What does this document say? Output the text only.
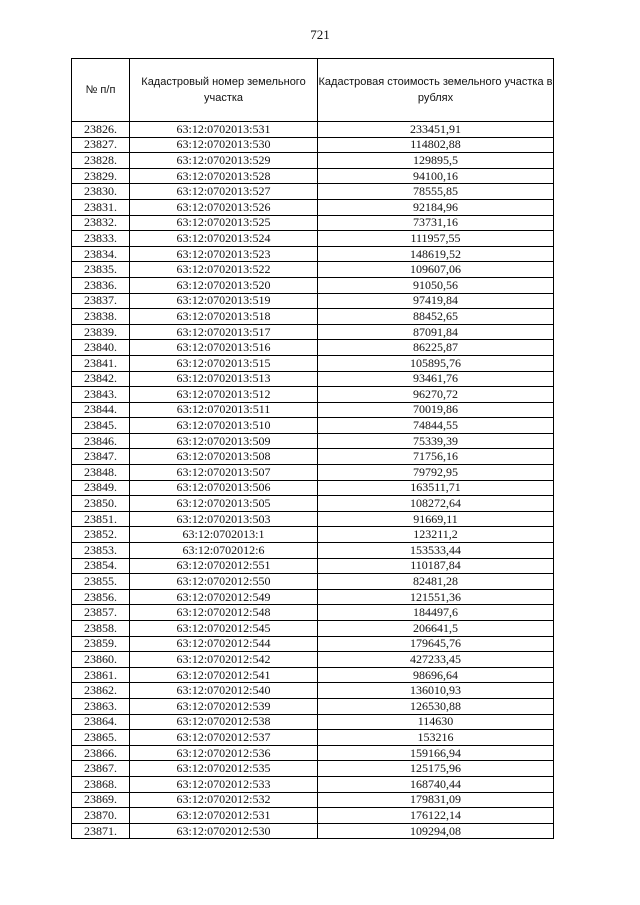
721
№ п/п	Кадастровый номер земельного участка	Кадастровая стоимость земельного участка в рублях
23826.	63:12:0702013:531	233451,91
23827.	63:12:0702013:530	114802,88
23828.	63:12:0702013:529	129895,5
23829.	63:12:0702013:528	94100,16
23830.	63:12:0702013:527	78555,85
23831.	63:12:0702013:526	92184,96
23832.	63:12:0702013:525	73731,16
23833.	63:12:0702013:524	111957,55
23834.	63:12:0702013:523	148619,52
23835.	63:12:0702013:522	109607,06
23836.	63:12:0702013:520	91050,56
23837.	63:12:0702013:519	97419,84
23838.	63:12:0702013:518	88452,65
23839.	63:12:0702013:517	87091,84
23840.	63:12:0702013:516	86225,87
23841.	63:12:0702013:515	105895,76
23842.	63:12:0702013:513	93461,76
23843.	63:12:0702013:512	96270,72
23844.	63:12:0702013:511	70019,86
23845.	63:12:0702013:510	74844,55
23846.	63:12:0702013:509	75339,39
23847.	63:12:0702013:508	71756,16
23848.	63:12:0702013:507	79792,95
23849.	63:12:0702013:506	163511,71
23850.	63:12:0702013:505	108272,64
23851.	63:12:0702013:503	91669,11
23852.	63:12:0702013:1	123211,2
23853.	63:12:0702012:6	153533,44
23854.	63:12:0702012:551	110187,84
23855.	63:12:0702012:550	82481,28
23856.	63:12:0702012:549	121551,36
23857.	63:12:0702012:548	184497,6
23858.	63:12:0702012:545	206641,5
23859.	63:12:0702012:544	179645,76
23860.	63:12:0702012:542	427233,45
23861.	63:12:0702012:541	98696,64
23862.	63:12:0702012:540	136010,93
23863.	63:12:0702012:539	126530,88
23864.	63:12:0702012:538	114630
23865.	63:12:0702012:537	153216
23866.	63:12:0702012:536	159166,94
23867.	63:12:0702012:535	125175,96
23868.	63:12:0702012:533	168740,44
23869.	63:12:0702012:532	179831,09
23870.	63:12:0702012:531	176122,14
23871.	63:12:0702012:530	109294,08
